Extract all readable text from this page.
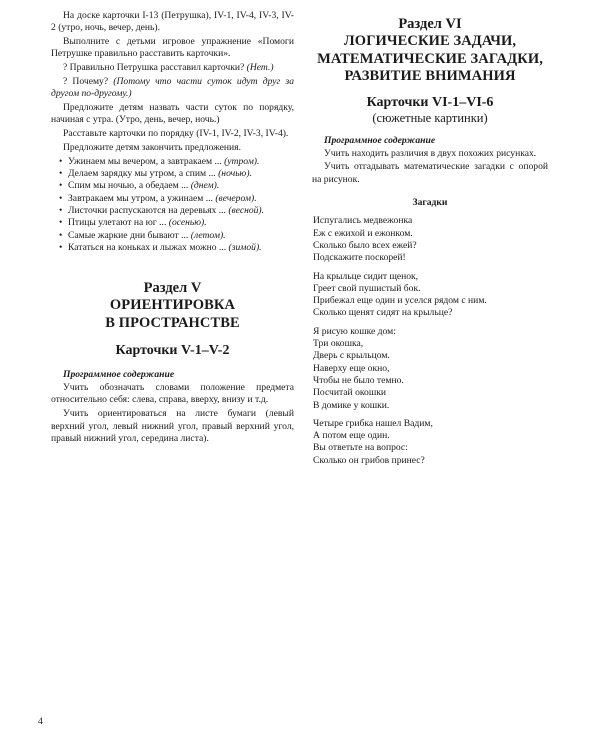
На доске карточки I-13 (Петрушка), IV-1, IV-4, IV-3, IV-2 (утро, ночь, вечер, день).

Выполните с детьми игровое упражнение «Помоги Петрушке правильно расставить карточки».

? Правильно Петрушка расставил карточки? (Нет.)

? Почему? (Потому что части суток идут друг за другом по-другому.)

Предложите детям назвать части суток по порядку, начиная с утра. (Утро, день, вечер, ночь.)

Расставьте карточки по порядку (IV-1, IV-2, IV-3, IV-4).

Предложите детям закончить предложения.

• Ужинаем мы вечером, а завтракаем ... (утром).
• Делаем зарядку мы утром, а спим ... (ночью).
• Спим мы ночью, а обедаем ... (днем).
• Завтракаем мы утром, а ужинаем ... (вечером).
• Листочки распускаются на деревьях ... (весной).
• Птицы улетают на юг ... (осенью).
• Самые жаркие дни бывают ... (летом).
• Кататься на коньках и лыжах можно ... (зимой).

Раздел V

ОРИЕНТИРОВКА

В ПРОСТРАНСТВЕ

Карточки V-1–V-2

Программное содержание

Учить обозначать словами положение предмета относительно себя: слева, справа, вверху, внизу и т.д.

Учить ориентироваться на листе бумаги (левый верхний угол, левый нижний угол, правый верхний угол, правый нижний угол, середина листа).

Раздел VI

ЛОГИЧЕСКИЕ ЗАДАЧИ,

МАТЕМАТИЧЕСКИЕ ЗАГАДКИ,

РАЗВИТИЕ ВНИМАНИЯ

Карточки VI-1–VI-6

(сюжетные картинки)

Программное содержание

Учить находить различия в двух похожих рисунках.

Учить отгадывать математические загадки с опорой на рисунок.

Загадки

Испугались медвежонка
Еж с ежихой и ежонком.
Сколько было всех ежей?
Подскажите поскорей!
На крыльце сидит щенок,
Греет свой пушистый бок.
Прибежал еще один и уселся рядом с ним.
Сколько щенят сидят на крыльце?
Я рисую кошке дом:
Три окошка,
Дверь с крыльцом.
Наверху еще окно,
Чтобы не было темно.
Посчитай окошки
В домике у кошки.
Четыре грибка нашел Вадим,
А потом еще один.
Вы ответьте на вопрос:
Сколько он грибов принес?
4
